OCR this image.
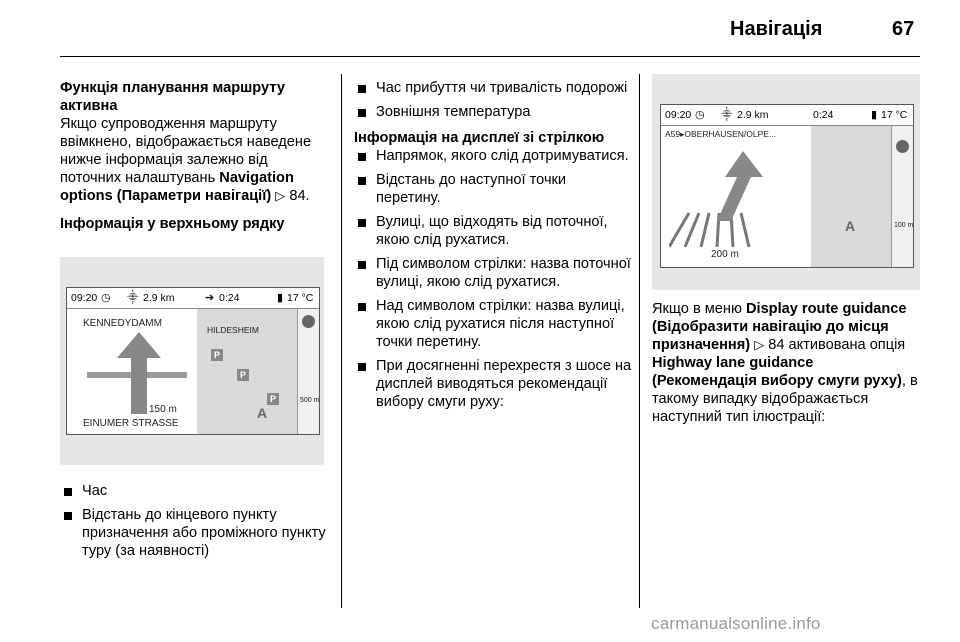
Навігація	67

Функція планування маршруту активна

Якщо супроводження маршруту ввімкнено, відображається наведене нижче інформація залежно від поточних налаштувань Navigation options (Параметри навігації) ▷ 84.

Інформація у верхньому рядку

09:20 ◷ ⸎ 2.9 km	➔ 0:24	▮ 17 °C
KENNEDYDAMM
150 m
EINUMER STRASSE
HILDESHEIM
P
P
P
A
500 m

Час

Відстань до кінцевого пункту призначення або проміжного пункту туру (за наявності)

Час прибуття чи тривалість подорожі

Зовнішня температура

Інформація на дисплеї зі стрілкою

Напрямок, якого слід дотримуватися.

Відстань до наступної точки перетину.

Вулиці, що відходять від поточної, якою слід рухатися.

Під символом стрілки: назва поточної вулиці, якою слід рухатися.

Над символом стрілки: назва вулиці, якою слід рухатися після наступної точки перетину.

При досягненні перехрестя з шосе на дисплей виводяться рекомендації вибору смуги руху:

09:20 ◷ ⸎ 2.9 km	0:24	▮ 17 °C
A59▸OBERHAUSEN/OLPE...
200 m
A	100 m

Якщо в меню Display route guidance (Відобразити навігацію до місця призначення) ▷ 84 активована опція Highway lane guidance (Рекомендація вибору смуги руху), в такому випадку відображається наступний тип ілюстрації:

carmanualsonline.info
